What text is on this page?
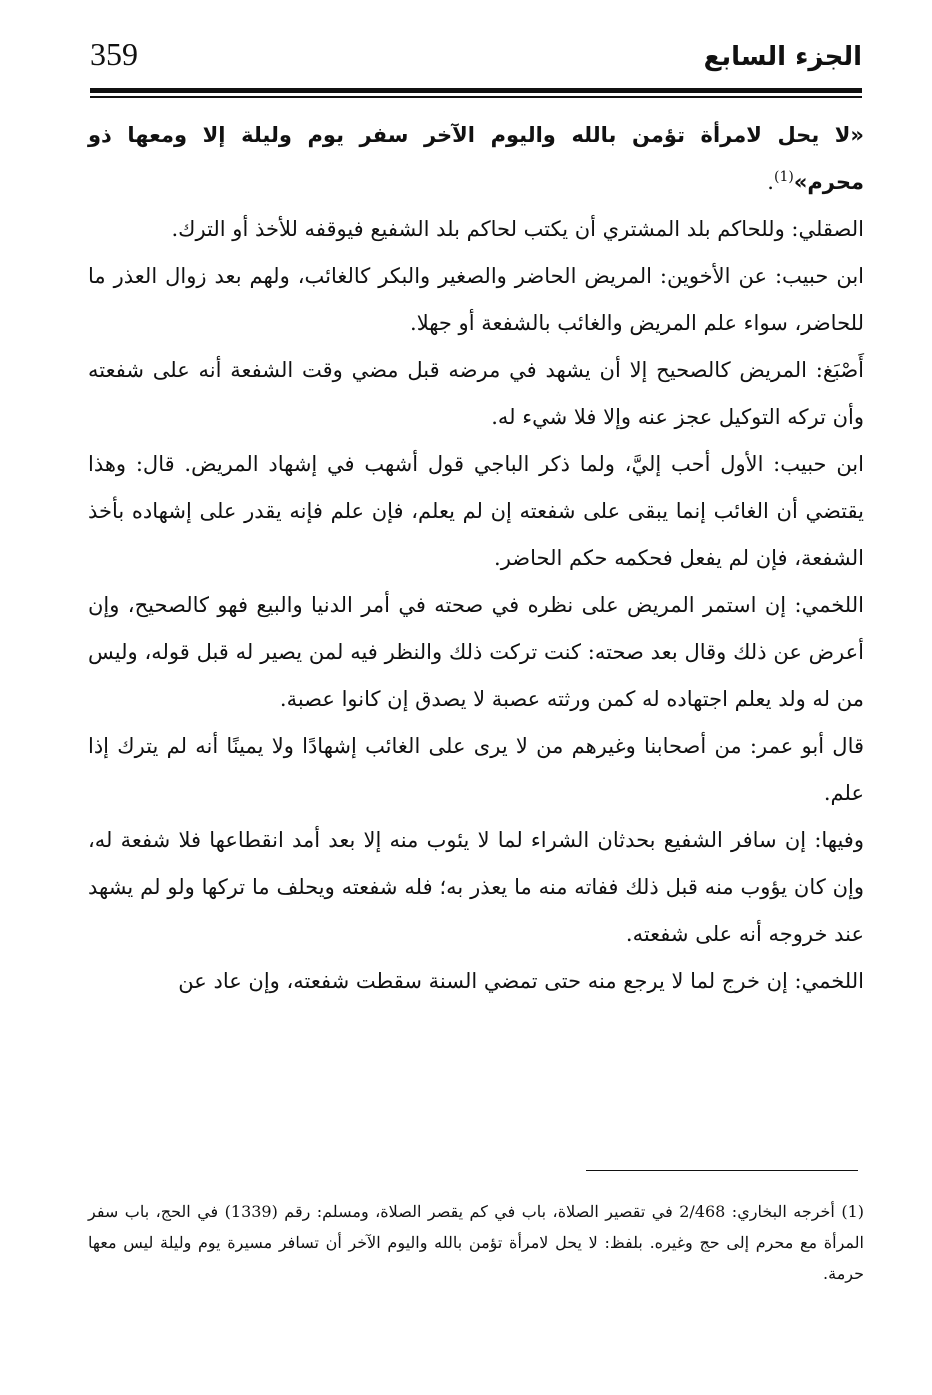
359	الجزء السابع

«لا يحل لامرأة تؤمن بالله واليوم الآخر سفر يوم وليلة إلا ومعها ذو محرم»$^{(1)}$.

الصقلي: وللحاكم بلد المشتري أن يكتب لحاكم بلد الشفيع فيوقفه للأخذ أو الترك.

ابن حبيب: عن الأخوين: المريض الحاضر والصغير والبكر كالغائب، ولهم بعد زوال العذر ما للحاضر، سواء علم المريض والغائب بالشفعة أو جهلا.

أَصْبَغ: المريض كالصحيح إلا أن يشهد في مرضه قبل مضي وقت الشفعة أنه على شفعته وأن تركه التوكيل عجز عنه وإلا فلا شيء له.

ابن حبيب: الأول أحب إليَّ، ولما ذكر الباجي قول أشهب في إشهاد المريض. قال: وهذا يقتضي أن الغائب إنما يبقى على شفعته إن لم يعلم، فإن علم فإنه يقدر على إشهاده بأخذ الشفعة، فإن لم يفعل فحكمه حكم الحاضر.

اللخمي: إن استمر المريض على نظره في صحته في أمر الدنيا والبيع فهو كالصحيح، وإن أعرض عن ذلك وقال بعد صحته: كنت تركت ذلك والنظر فيه لمن يصير له قبل قوله، وليس من له ولد يعلم اجتهاده له كمن ورثته عصبة لا يصدق إن كانوا عصبة.

قال أبو عمر: من أصحابنا وغيرهم من لا يرى على الغائب إشهادًا ولا يمينًا أنه لم يترك إذا علم.

وفيها: إن سافر الشفيع بحدثان الشراء لما لا يئوب منه إلا بعد أمد انقطاعها فلا شفعة له، وإن كان يؤوب منه قبل ذلك ففاته منه ما يعذر به؛ فله شفعته ويحلف ما تركها ولو لم يشهد عند خروجه أنه على شفعته.

اللخمي: إن خرج لما لا يرجع منه حتى تمضي السنة سقطت شفعته، وإن عاد عن

(1) أخرجه البخاري: 2/468 في تقصير الصلاة، باب في كم يقصر الصلاة، ومسلم: رقم (1339) في الحج، باب سفر المرأة مع محرم إلى حج وغيره. بلفظ: لا يحل لامرأة تؤمن بالله واليوم الآخر أن تسافر مسيرة يوم وليلة ليس معها حرمة.
